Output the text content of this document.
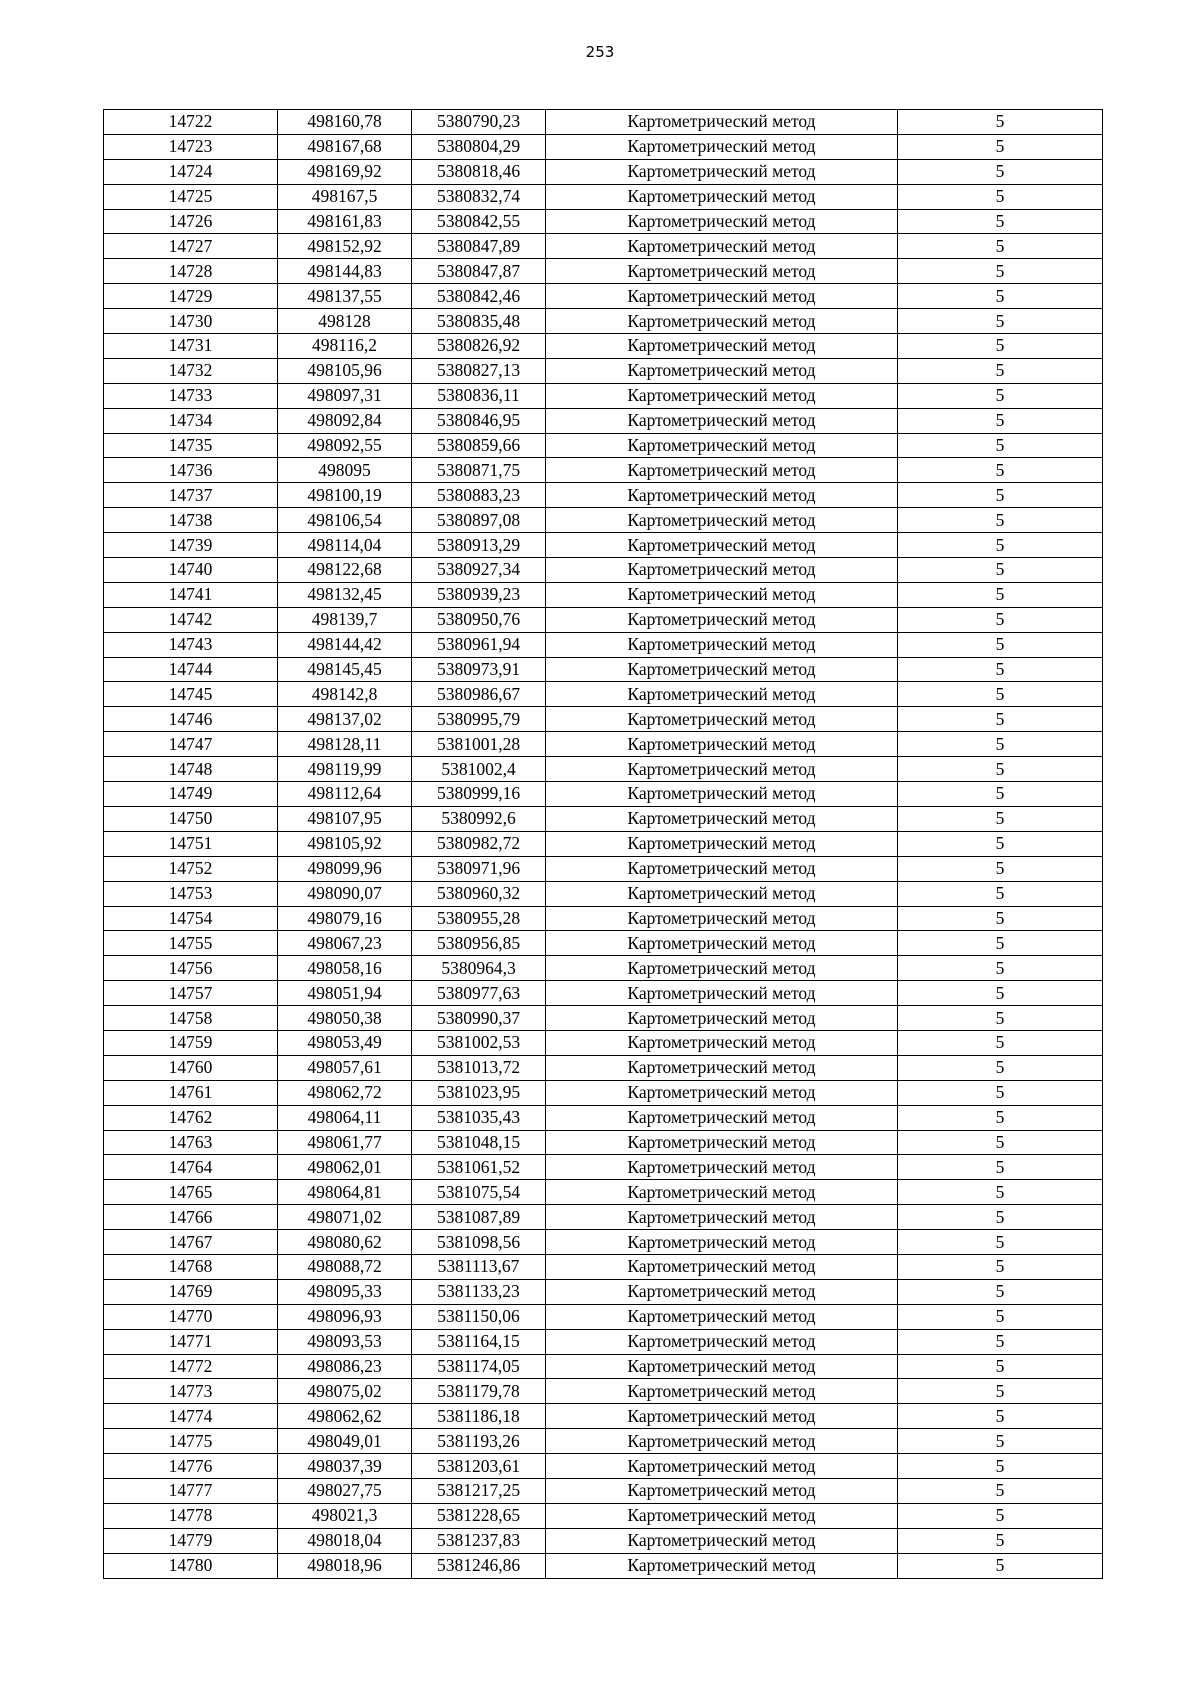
253
14722	498160,78	5380790,23	Картометрический метод	5
14723	498167,68	5380804,29	Картометрический метод	5
14724	498169,92	5380818,46	Картометрический метод	5
14725	498167,5	5380832,74	Картометрический метод	5
14726	498161,83	5380842,55	Картометрический метод	5
14727	498152,92	5380847,89	Картометрический метод	5
14728	498144,83	5380847,87	Картометрический метод	5
14729	498137,55	5380842,46	Картометрический метод	5
14730	498128	5380835,48	Картометрический метод	5
14731	498116,2	5380826,92	Картометрический метод	5
14732	498105,96	5380827,13	Картометрический метод	5
14733	498097,31	5380836,11	Картометрический метод	5
14734	498092,84	5380846,95	Картометрический метод	5
14735	498092,55	5380859,66	Картометрический метод	5
14736	498095	5380871,75	Картометрический метод	5
14737	498100,19	5380883,23	Картометрический метод	5
14738	498106,54	5380897,08	Картометрический метод	5
14739	498114,04	5380913,29	Картометрический метод	5
14740	498122,68	5380927,34	Картометрический метод	5
14741	498132,45	5380939,23	Картометрический метод	5
14742	498139,7	5380950,76	Картометрический метод	5
14743	498144,42	5380961,94	Картометрический метод	5
14744	498145,45	5380973,91	Картометрический метод	5
14745	498142,8	5380986,67	Картометрический метод	5
14746	498137,02	5380995,79	Картометрический метод	5
14747	498128,11	5381001,28	Картометрический метод	5
14748	498119,99	5381002,4	Картометрический метод	5
14749	498112,64	5380999,16	Картометрический метод	5
14750	498107,95	5380992,6	Картометрический метод	5
14751	498105,92	5380982,72	Картометрический метод	5
14752	498099,96	5380971,96	Картометрический метод	5
14753	498090,07	5380960,32	Картометрический метод	5
14754	498079,16	5380955,28	Картометрический метод	5
14755	498067,23	5380956,85	Картометрический метод	5
14756	498058,16	5380964,3	Картометрический метод	5
14757	498051,94	5380977,63	Картометрический метод	5
14758	498050,38	5380990,37	Картометрический метод	5
14759	498053,49	5381002,53	Картометрический метод	5
14760	498057,61	5381013,72	Картометрический метод	5
14761	498062,72	5381023,95	Картометрический метод	5
14762	498064,11	5381035,43	Картометрический метод	5
14763	498061,77	5381048,15	Картометрический метод	5
14764	498062,01	5381061,52	Картометрический метод	5
14765	498064,81	5381075,54	Картометрический метод	5
14766	498071,02	5381087,89	Картометрический метод	5
14767	498080,62	5381098,56	Картометрический метод	5
14768	498088,72	5381113,67	Картометрический метод	5
14769	498095,33	5381133,23	Картометрический метод	5
14770	498096,93	5381150,06	Картометрический метод	5
14771	498093,53	5381164,15	Картометрический метод	5
14772	498086,23	5381174,05	Картометрический метод	5
14773	498075,02	5381179,78	Картометрический метод	5
14774	498062,62	5381186,18	Картометрический метод	5
14775	498049,01	5381193,26	Картометрический метод	5
14776	498037,39	5381203,61	Картометрический метод	5
14777	498027,75	5381217,25	Картометрический метод	5
14778	498021,3	5381228,65	Картометрический метод	5
14779	498018,04	5381237,83	Картометрический метод	5
14780	498018,96	5381246,86	Картометрический метод	5
